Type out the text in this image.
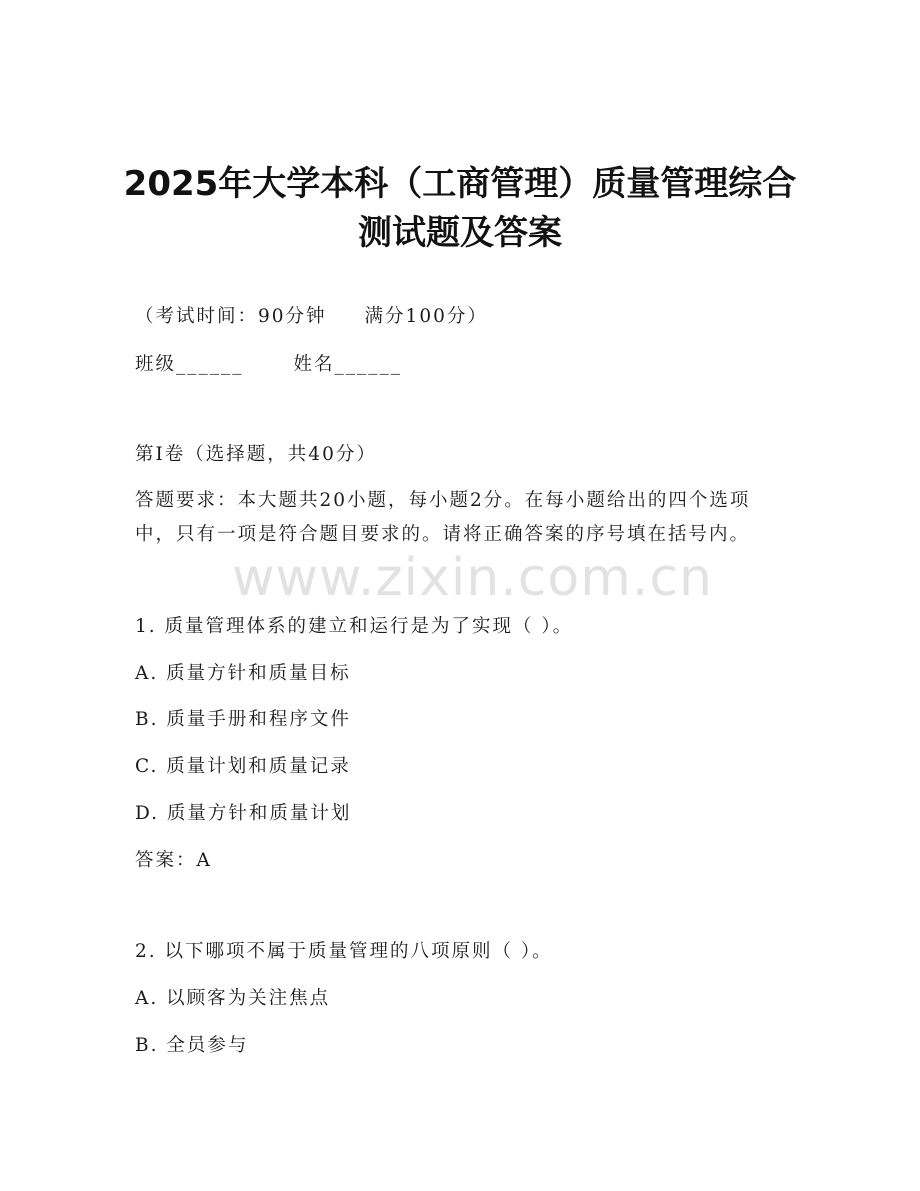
2025年大学本科（工商管理）质量管理综合
测试题及答案
（考试时间：90分钟 满分100分）
班级______	姓名______
第I卷（选择题，共40分）
答题要求：本大题共20小题，每小题2分。在每小题给出的四个选项
中，只有一项是符合题目要求的。请将正确答案的序号填在括号内。
www.zixin.com.cn
1. 质量管理体系的建立和运行是为了实现（ ）。
A. 质量方针和质量目标
B. 质量手册和程序文件
C. 质量计划和质量记录
D. 质量方针和质量计划
答案：A
2. 以下哪项不属于质量管理的八项原则（ ）。
A. 以顾客为关注焦点
B. 全员参与
